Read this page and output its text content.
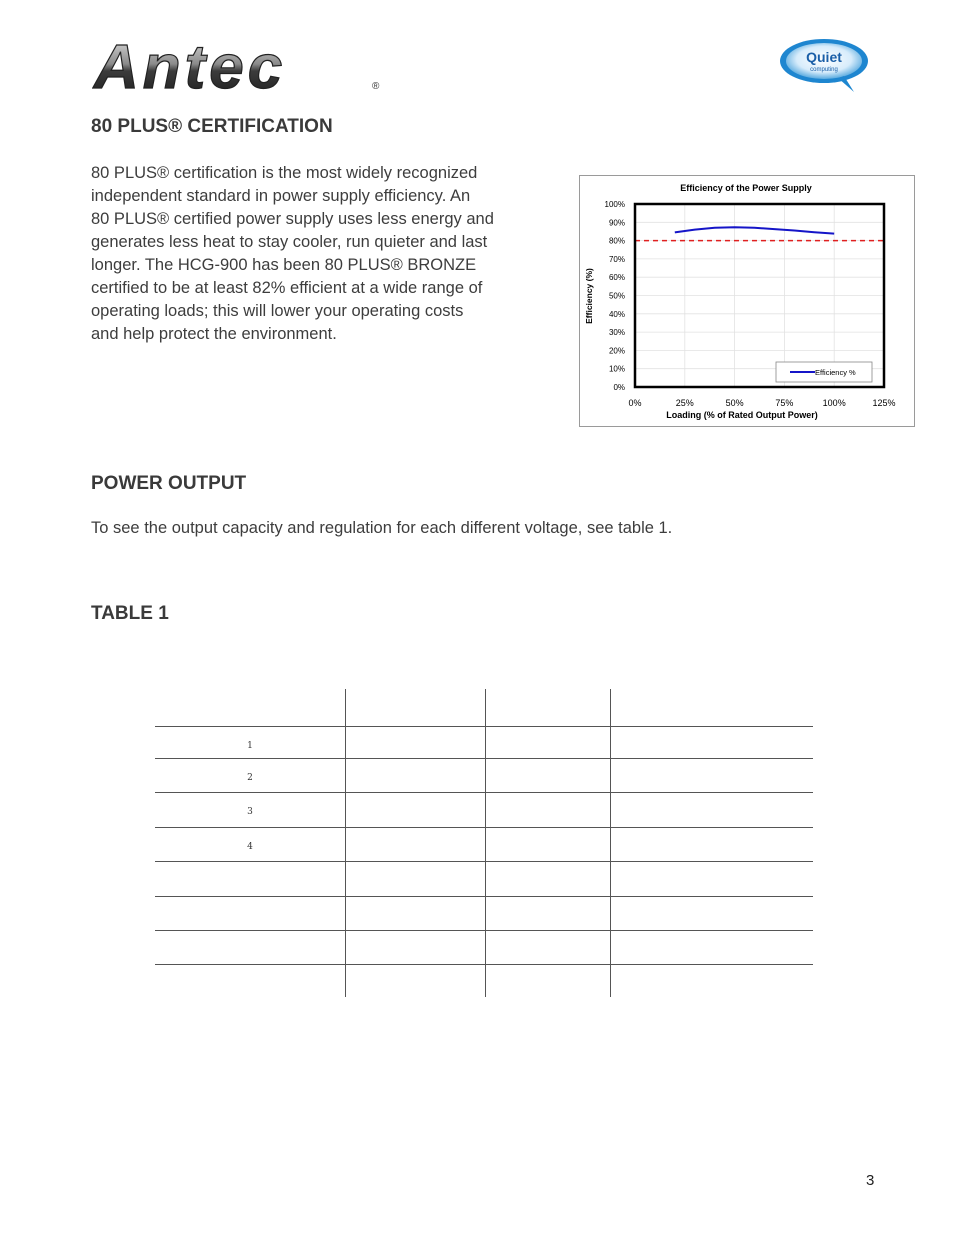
Antec	®
Quiet
computing
80 PLUS® CERTIFICATION
80 PLUS® certification is the most widely recognized
independent standard in power supply efficiency. An
80 PLUS® certified power supply uses less energy and
generates less heat to stay cooler, run quieter and last
longer. The HCG-900 has been 80 PLUS® BRONZE
certified to be at least 82% efficient at a wide range of
operating loads; this will lower your operating costs
and help protect the environment.
Efficiency of the Power Supply
Efficiency (%)
Loading (% of Rated Output Power)
100%
90%
80%
70%
60%
50%
40%
30%
20%
10%
0%
0%	25%	50%	75%	100%	125%
Efficiency %
POWER OUTPUT
To see the output capacity and regulation for each different voltage, see table 1.
TABLE 1
1
2
3
4
3
